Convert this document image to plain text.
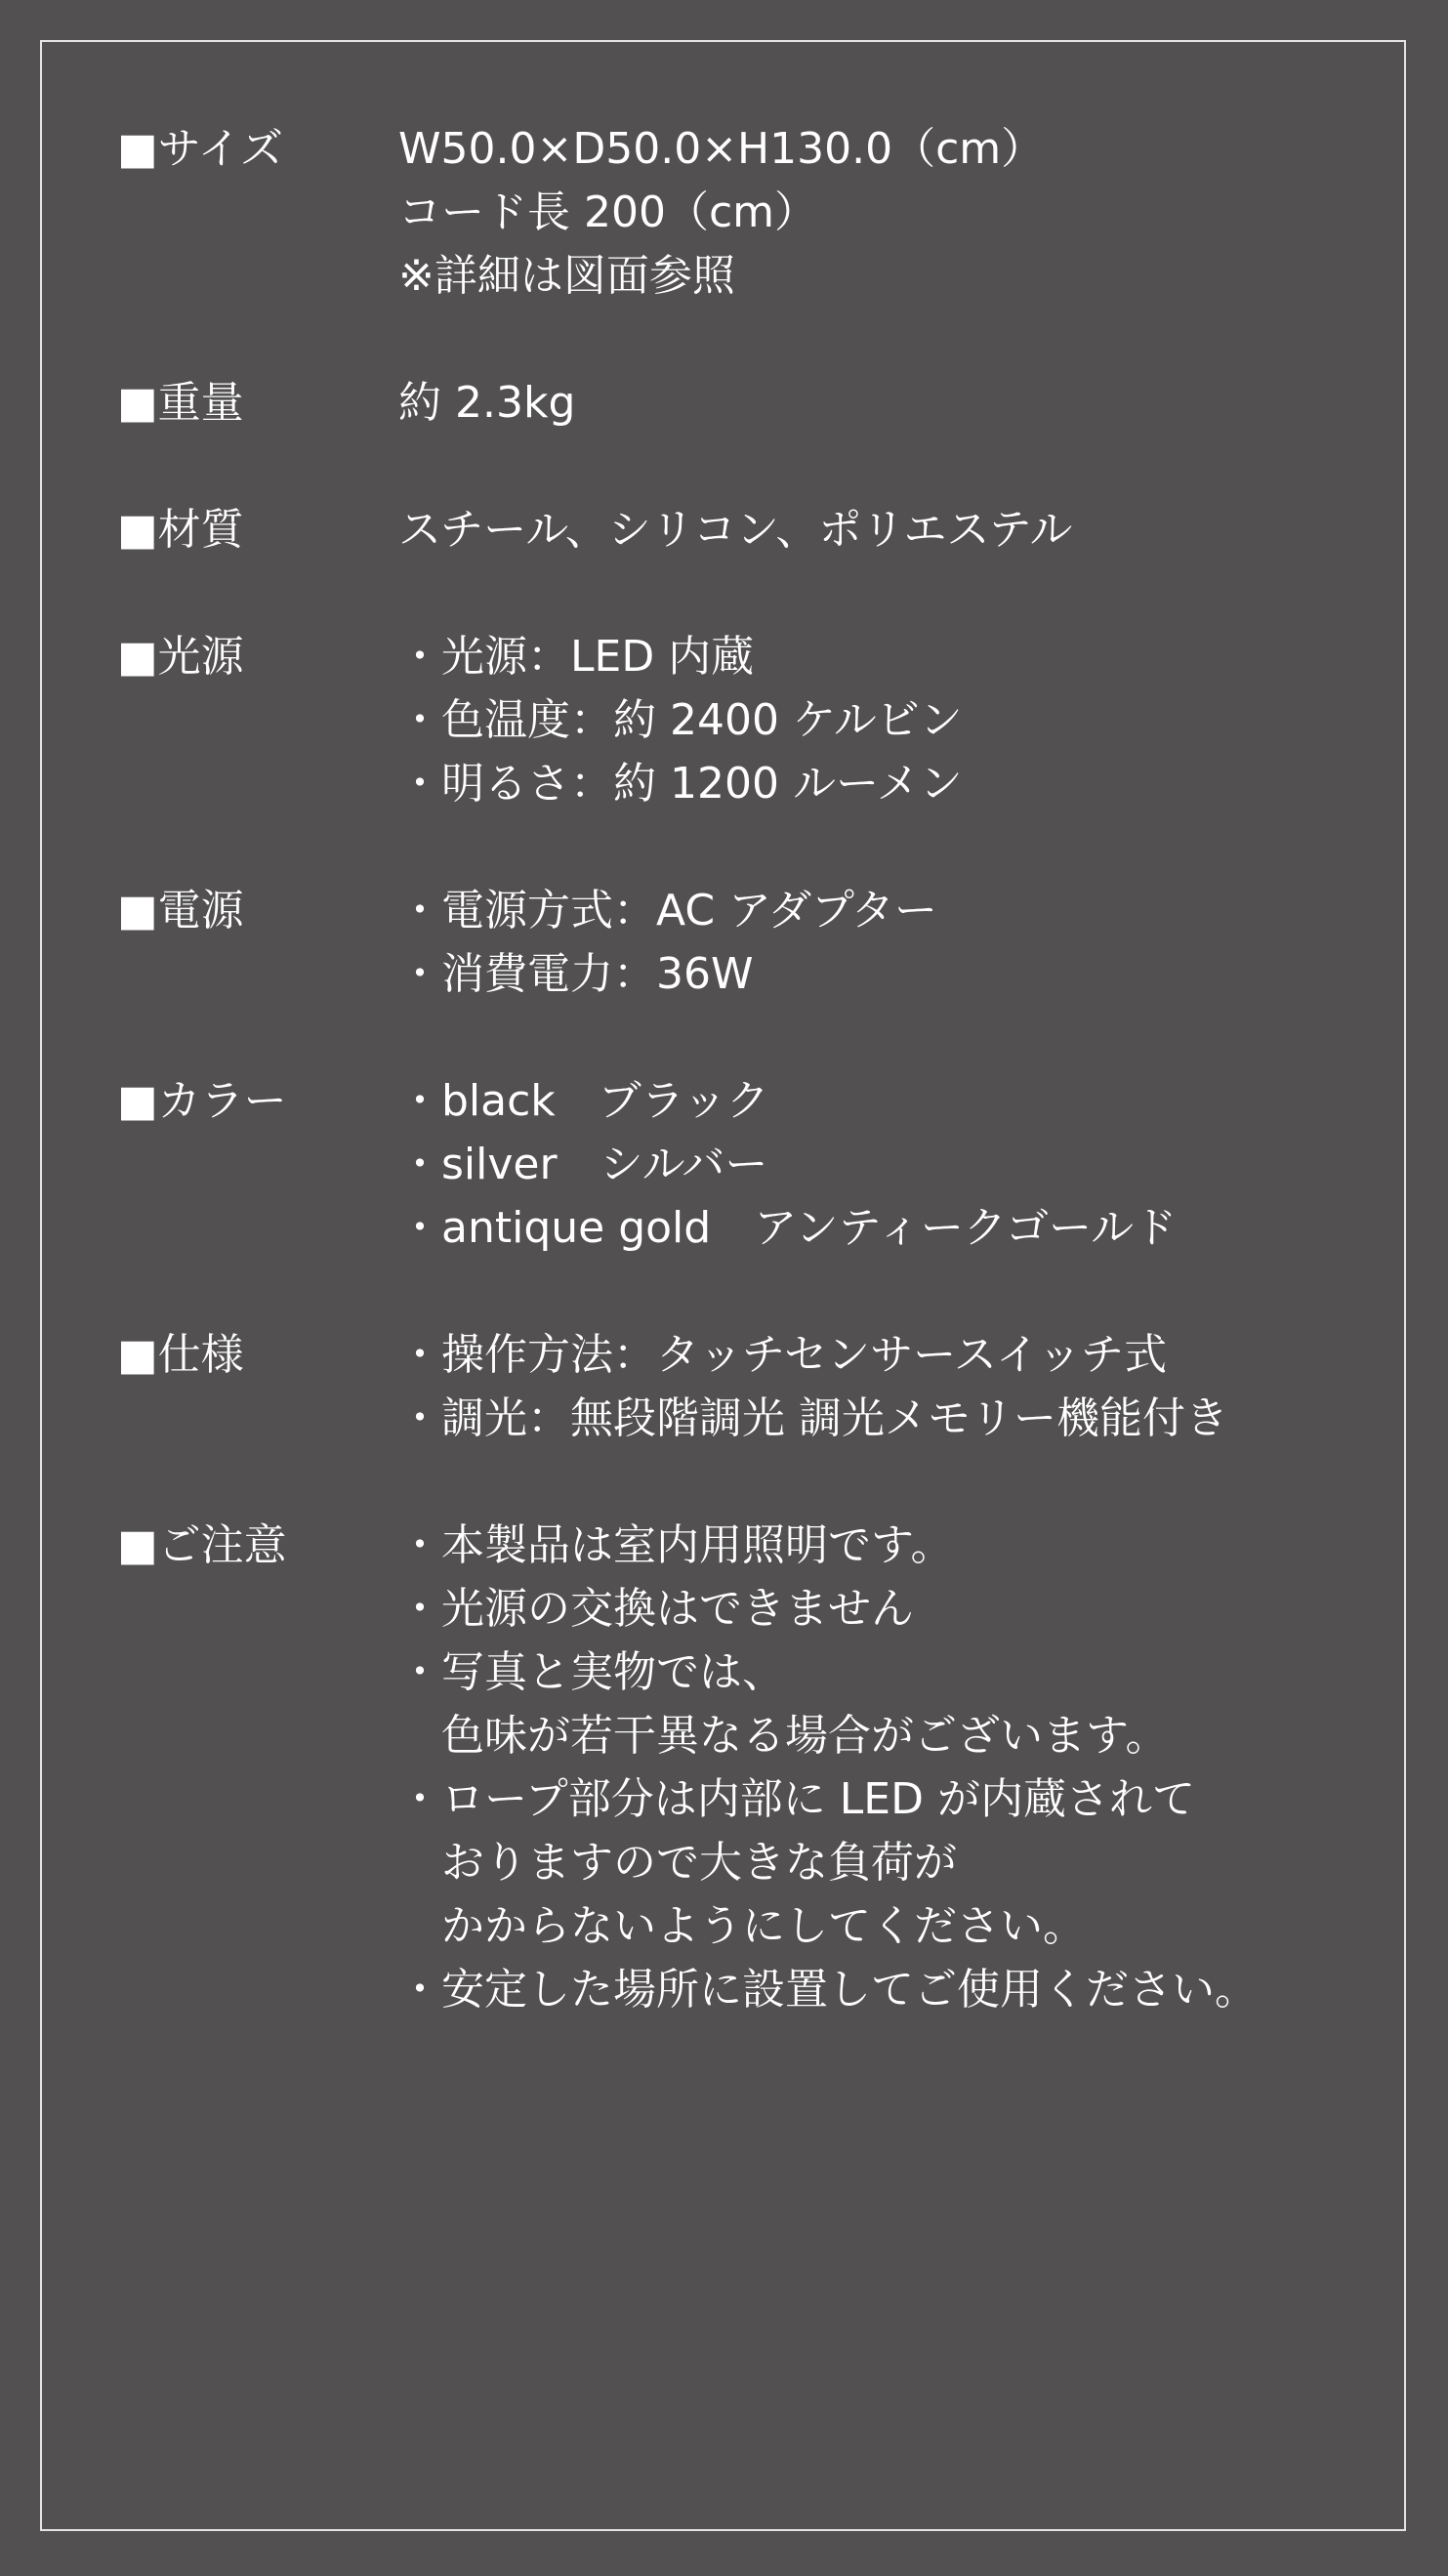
■サイズ	W50.0×D50.0×H130.0（cm）
コード長 200（cm）
※詳細は図面参照
■重量	約 2.3kg
■材質	スチール、シリコン、ポリエステル
■光源	・光源：LED 内蔵
・色温度：約 2400 ケルビン
・明るさ：約 1200 ルーメン
■電源	・電源方式：AC アダプター
・消費電力：36W
■カラー	・black　ブラック
・silver　シルバー
・antique gold　アンティークゴールド
■仕様	・操作方法：タッチセンサースイッチ式
・調光：無段階調光 調光メモリー機能付き
■ご注意	・本製品は室内用照明です。
・光源の交換はできません
・写真と実物では、
　色味が若干異なる場合がございます。
・ロープ部分は内部に LED が内蔵されて
　おりますので大きな負荷が
　かからないようにしてください。
・安定した場所に設置してご使用ください。
